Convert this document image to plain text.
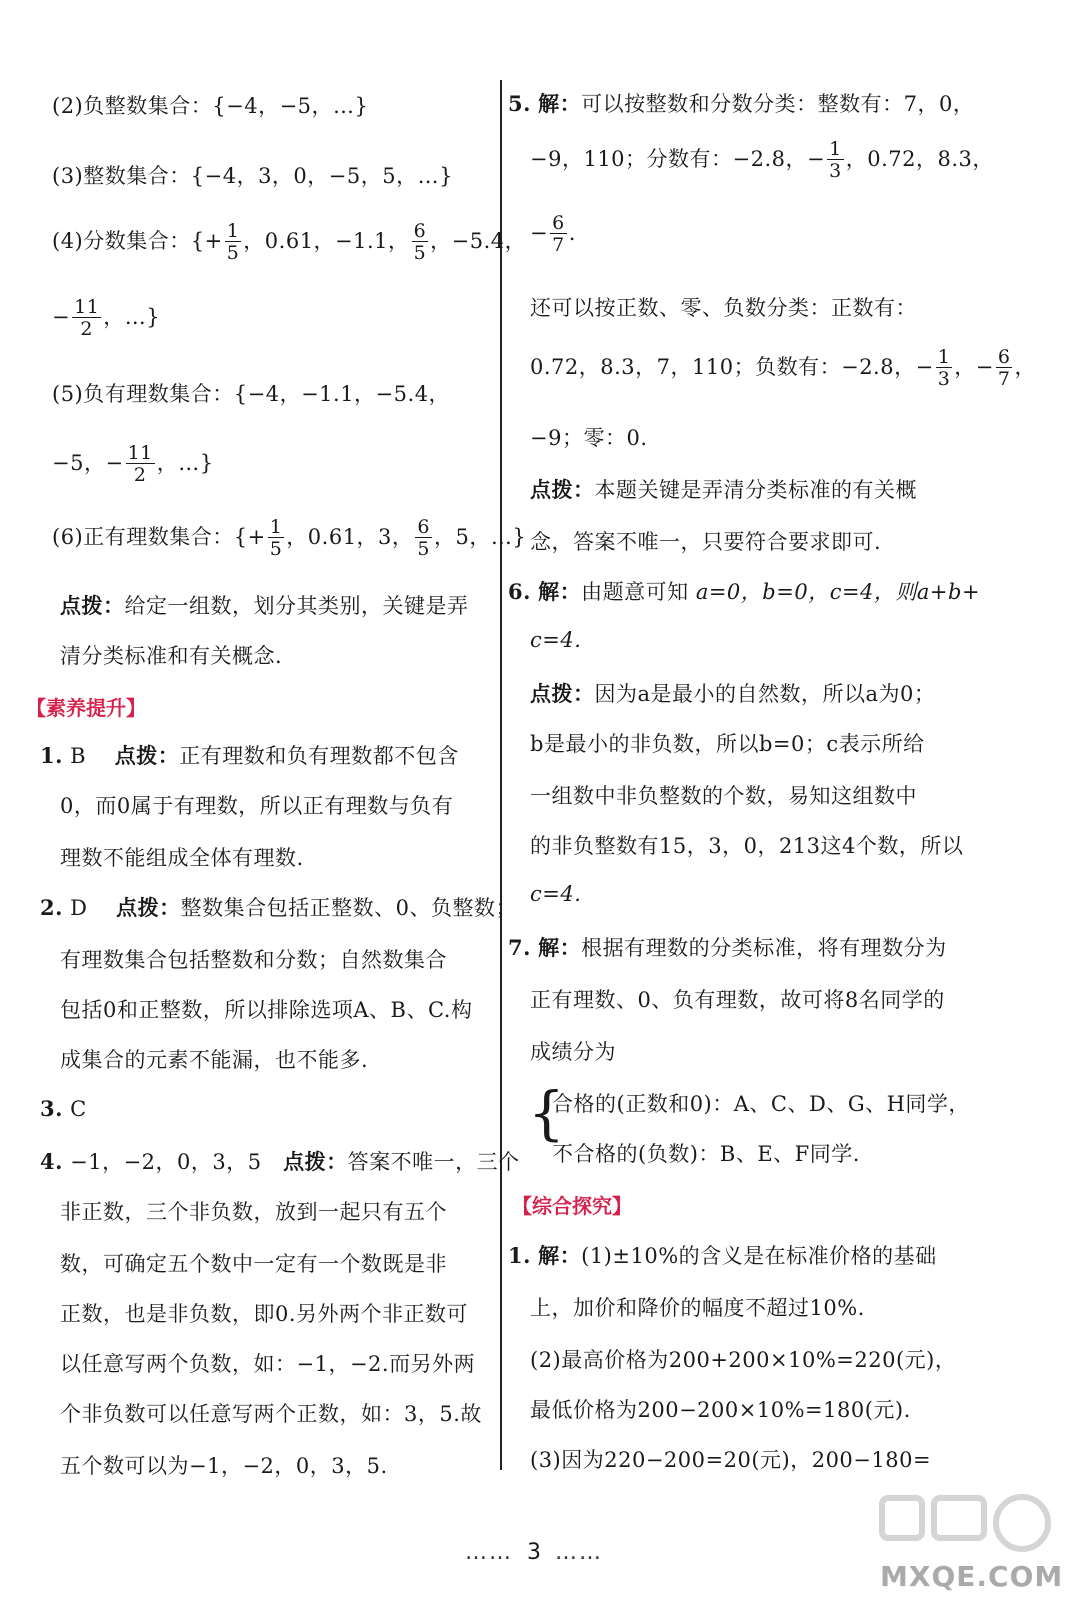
(2)负整数集合：{−4，−5，…}
(3)整数集合：{−4，3，0，−5，5，…}
(4)分数集合：{+ $\frac{1}{5}$ ，0.61，−1.1， $\frac{6}{5}$ ，−5.4，
− $\frac{11}{2}$ ，…}
(5)负有理数集合：{−4，−1.1，−5.4，
−5，− $\frac{11}{2}$ ，…}
(6)正有理数集合：{+ $\frac{1}{5}$ ，0.61，3， $\frac{6}{5}$ ，5，…}
点拨：给定一组数，划分其类别，关键是弄
清分类标准和有关概念.
【素养提升】
1. B 点拨：正有理数和负有理数都不包含
0，而0属于有理数，所以正有理数与负有
理数不能组成全体有理数.
2. D 点拨：整数集合包括正整数、0、负整数；
有理数集合包括整数和分数；自然数集合
包括0和正整数，所以排除选项A、B、C.构
成集合的元素不能漏，也不能多.
3. C
4. −1，−2，0，3，5 点拨：答案不唯一，三个
非正数，三个非负数，放到一起只有五个
数，可确定五个数中一定有一个数既是非
正数，也是非负数，即0.另外两个非正数可
以任意写两个负数，如：−1，−2.而另外两
个非负数可以任意写两个正数，如：3，5.故
五个数可以为−1，−2，0，3，5.
5. 解：可以按整数和分数分类：整数有：7，0，
−9，110；分数有：−2.8，− $\frac{1}{3}$ ，0.72，8.3，
− $\frac{6}{7}$ .
还可以按正数、零、负数分类：正数有：
0.72，8.3，7，110；负数有：−2.8，− $\frac{1}{3}$ ，− $\frac{6}{7}$ ，
−9；零：0.
点拨：本题关键是弄清分类标准的有关概
念，答案不唯一，只要符合要求即可.
6. 解：由题意可知 a=0，b=0，c=4，则a+b+
c=4.
点拨：因为a是最小的自然数，所以a为0；
b是最小的非负数，所以b=0；c表示所给
一组数中非负整数的个数，易知这组数中
的非负整数有15，3，0，213这4个数，所以
c=4.
7. 解：根据有理数的分类标准，将有理数分为
正有理数、0、负有理数，故可将8名同学的
成绩分为
{
合格的(正数和0)：A、C、D、G、H同学，
不合格的(负数)：B、E、F同学.
【综合探究】
1. 解：(1)±10%的含义是在标准价格的基础
上，加价和降价的幅度不超过10%.
(2)最高价格为200+200×10%=220(元)，
最低价格为200−200×10%=180(元).
(3)因为220−200=20(元)，200−180=
…… 3 ……
MXQE.COM
